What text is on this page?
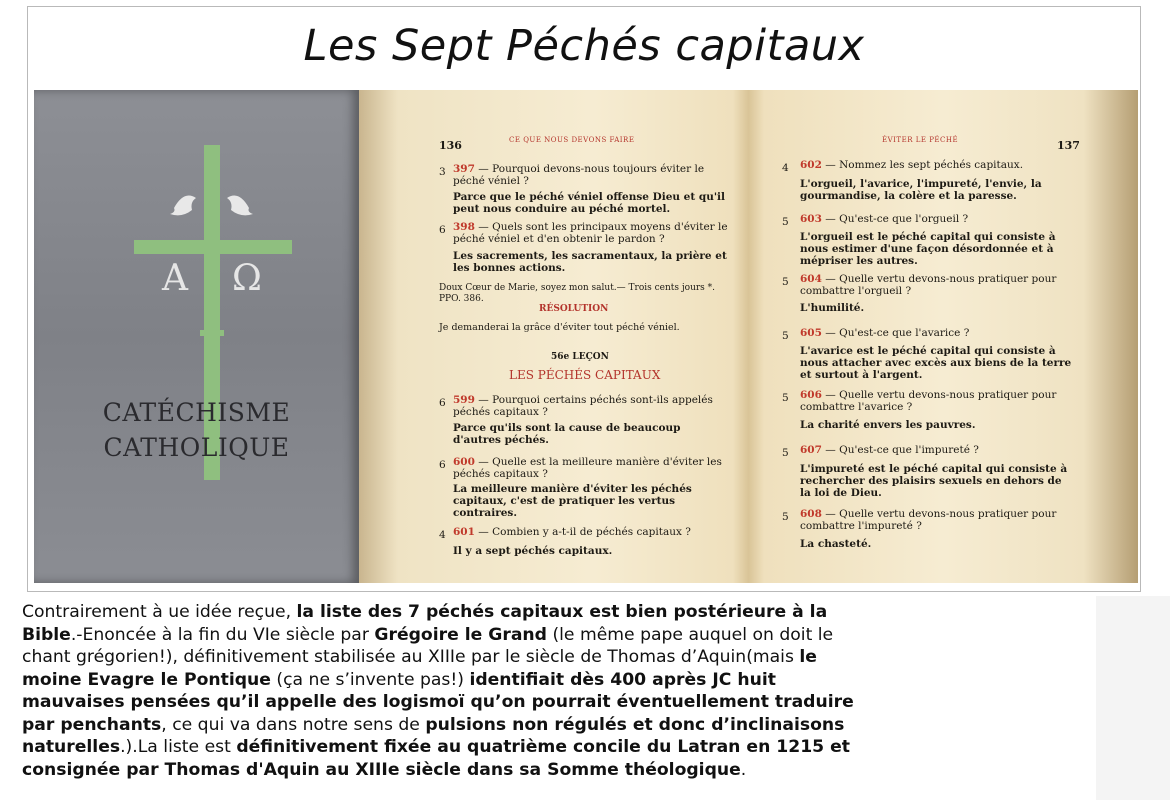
Les Sept Péchés capitaux
A Ω
CATÉCHISME
CATHOLIQUE
136	CE QUE NOUS DEVONS FAIRE
3 397 — Pourquoi devons-nous toujours éviter le péché véniel ?
Parce que le péché véniel offense Dieu et qu'il peut nous conduire au péché mortel.
6 398 — Quels sont les principaux moyens d'éviter le péché véniel et d'en obtenir le pardon ?
Les sacrements, les sacramentaux, la prière et les bonnes actions.
Doux Cœur de Marie, soyez mon salut.— Trois cents jours *. PPO. 386.
RÉSOLUTION
Je demanderai la grâce d'éviter tout péché véniel.
56e LEÇON
LES PÉCHÉS CAPITAUX
6 599 — Pourquoi certains péchés sont-ils appelés péchés capitaux ?
Parce qu'ils sont la cause de beaucoup d'autres péchés.
6 600 — Quelle est la meilleure manière d'éviter les péchés capitaux ?
La meilleure manière d'éviter les péchés capitaux, c'est de pratiquer les vertus contraires.
4 601 — Combien y a-t-il de péchés capitaux ?
Il y a sept péchés capitaux.
137
ÉVITER LE PÉCHÉ
4 602 — Nommez les sept péchés capitaux.
L'orgueil, l'avarice, l'impureté, l'envie, la gourmandise, la colère et la paresse.
5 603 — Qu'est-ce que l'orgueil ?
L'orgueil est le péché capital qui consiste à nous estimer d'une façon désordonnée et à mépriser les autres.
5 604 — Quelle vertu devons-nous pratiquer pour combattre l'orgueil ?
L'humilité.
5 605 — Qu'est-ce que l'avarice ?
L'avarice est le péché capital qui consiste à nous attacher avec excès aux biens de la terre et surtout à l'argent.
5 606 — Quelle vertu devons-nous pratiquer pour combattre l'avarice ?
La charité envers les pauvres.
5 607 — Qu'est-ce que l'impureté ?
L'impureté est le péché capital qui consiste à rechercher des plaisirs sexuels en dehors de la loi de Dieu.
5 608 — Quelle vertu devons-nous pratiquer pour combattre l'impureté ?
La chasteté.
Contrairement à ue idée reçue, la liste des 7 péchés capitaux est bien postérieure à la Bible.-Enoncée à la fin du VIe siècle par Grégoire le Grand (le même pape auquel on doit le chant grégorien!), définitivement stabilisée au XIIIe par le siècle de Thomas d’Aquin(mais le moine Evagre le Pontique (ça ne s’invente pas!) identifiait dès 400 après JC huit mauvaises pensées qu’il appelle des logismoï qu’on pourrait éventuellement traduire par penchants, ce qui va dans notre sens de pulsions non régulés et donc d’inclinaisons naturelles.).La liste est définitivement fixée au quatrième concile du Latran en 1215 et consignée par Thomas d'Aquin au XIIIe siècle dans sa Somme théologique.
